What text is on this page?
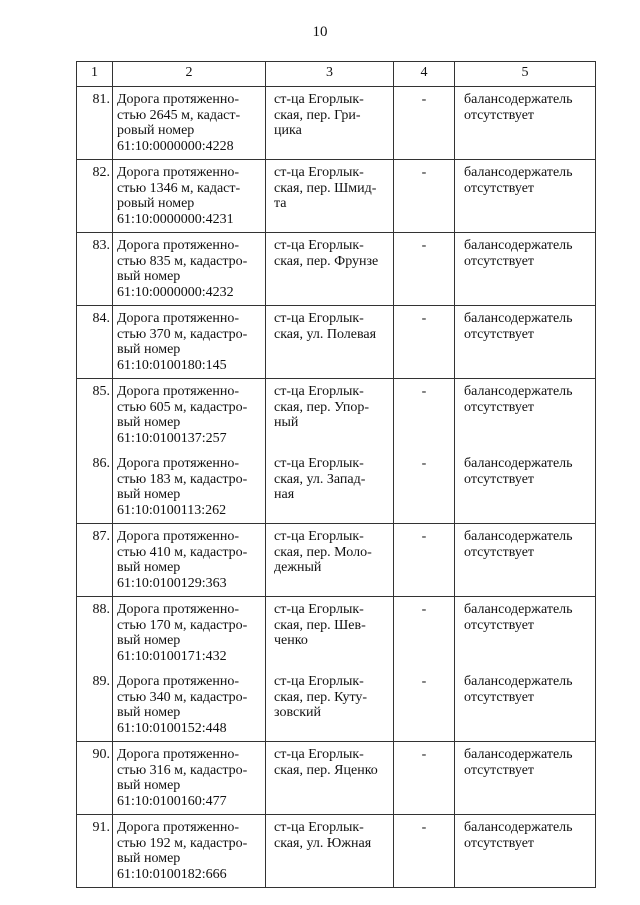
10
1	2	3	4	5
81.	Дорога протяженно-
стью 2645 м, кадаст-
ровый номер
61:10:0000000:4228	ст-ца Егорлык-
ская, пер. Гри-
цика	-	балансодержатель
отсутствует
82.	Дорога протяженно-
стью 1346 м, кадаст-
ровый номер
61:10:0000000:4231	ст-ца Егорлык-
ская, пер. Шмид-
та	-	балансодержатель
отсутствует
83.	Дорога протяженно-
стью 835 м, кадастро-
вый номер
61:10:0000000:4232	ст-ца Егорлык-
ская, пер. Фрунзе	-	балансодержатель
отсутствует
84.	Дорога протяженно-
стью 370 м, кадастро-
вый номер
61:10:0100180:145	ст-ца Егорлык-
ская, ул. Полевая	-	балансодержатель
отсутствует
85.	Дорога протяженно-
стью 605 м, кадастро-
вый номер
61:10:0100137:257	ст-ца Егорлык-
ская, пер. Упор-
ный	-	балансодержатель
отсутствует
86.	Дорога протяженно-
стью 183 м, кадастро-
вый номер
61:10:0100113:262	ст-ца Егорлык-
ская, ул. Запад-
ная	-	балансодержатель
отсутствует
87.	Дорога протяженно-
стью 410 м, кадастро-
вый номер
61:10:0100129:363	ст-ца Егорлык-
ская, пер. Моло-
дежный	-	балансодержатель
отсутствует
88.	Дорога протяженно-
стью 170 м, кадастро-
вый номер
61:10:0100171:432	ст-ца Егорлык-
ская, пер. Шев-
ченко	-	балансодержатель
отсутствует
89.	Дорога протяженно-
стью 340 м, кадастро-
вый номер
61:10:0100152:448	ст-ца Егорлык-
ская, пер. Куту-
зовский	-	балансодержатель
отсутствует
90.	Дорога протяженно-
стью 316 м, кадастро-
вый номер
61:10:0100160:477	ст-ца Егорлык-
ская, пер. Яценко	-	балансодержатель
отсутствует
91.	Дорога протяженно-
стью 192 м, кадастро-
вый номер
61:10:0100182:666	ст-ца Егорлык-
ская, ул. Южная	-	балансодержатель
отсутствует
